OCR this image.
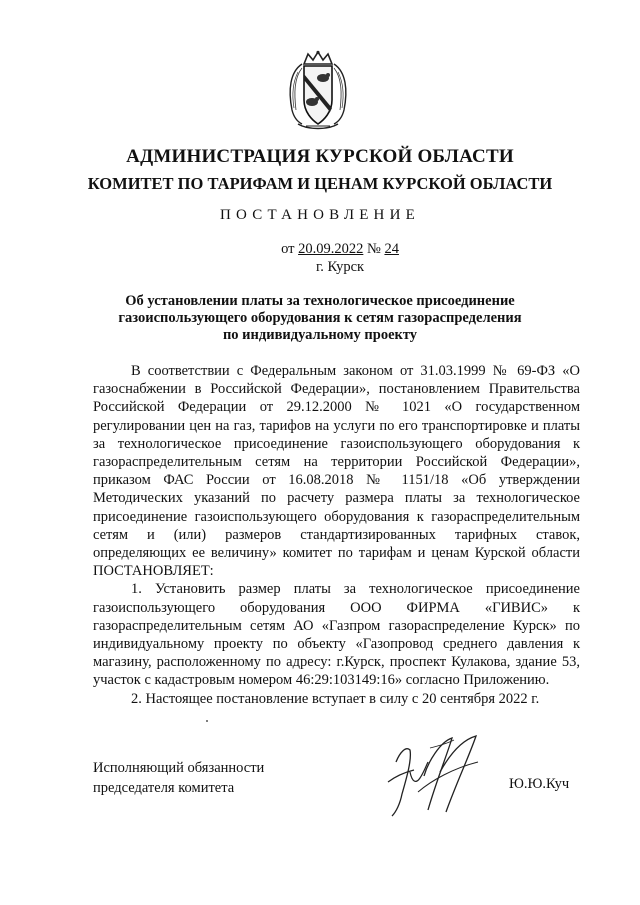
АДМИНИСТРАЦИЯ КУРСКОЙ ОБЛАСТИ
КОМИТЕТ ПО ТАРИФАМ И ЦЕНАМ КУРСКОЙ ОБЛАСТИ
ПОСТАНОВЛЕНИЕ
от 20.09.2022 № 24
г. Курск
Об установлении платы за технологическое присоединение газоиспользующего оборудования к сетям газораспределения по индивидуальному проекту

В соответствии с Федеральным законом от 31.03.1999 № 69-ФЗ «О газоснабжении в Российской Федерации», постановлением Правительства Российской Федерации от 29.12.2000 № 1021 «О государственном регулировании цен на газ, тарифов на услуги по его транспортировке и платы за технологическое присоединение газоиспользующего оборудования к газораспределительным сетям на территории Российской Федерации», приказом ФАС России от 16.08.2018 № 1151/18 «Об утверждении Методических указаний по расчету размера платы за технологическое присоединение газоиспользующего оборудования к газораспределительным сетям и (или) размеров стандартизированных тарифных ставок, определяющих ее величину» комитет по тарифам и ценам Курской области ПОСТАНОВЛЯЕТ:

1. Установить размер платы за технологическое присоединение газоиспользующего оборудования ООО ФИРМА «ГИВИС» к газораспределительным сетям АО «Газпром газораспределение Курск» по индивидуальному проекту по объекту «Газопровод среднего давления к магазину, расположенному по адресу: г.Курск, проспект Кулакова, здание 53, участок с кадастровым номером 46:29:103149:16» согласно Приложению.

2. Настоящее постановление вступает в силу с 20 сентября 2022 г.

Исполняющий обязанности
председателя комитета	Ю.Ю.Куч
